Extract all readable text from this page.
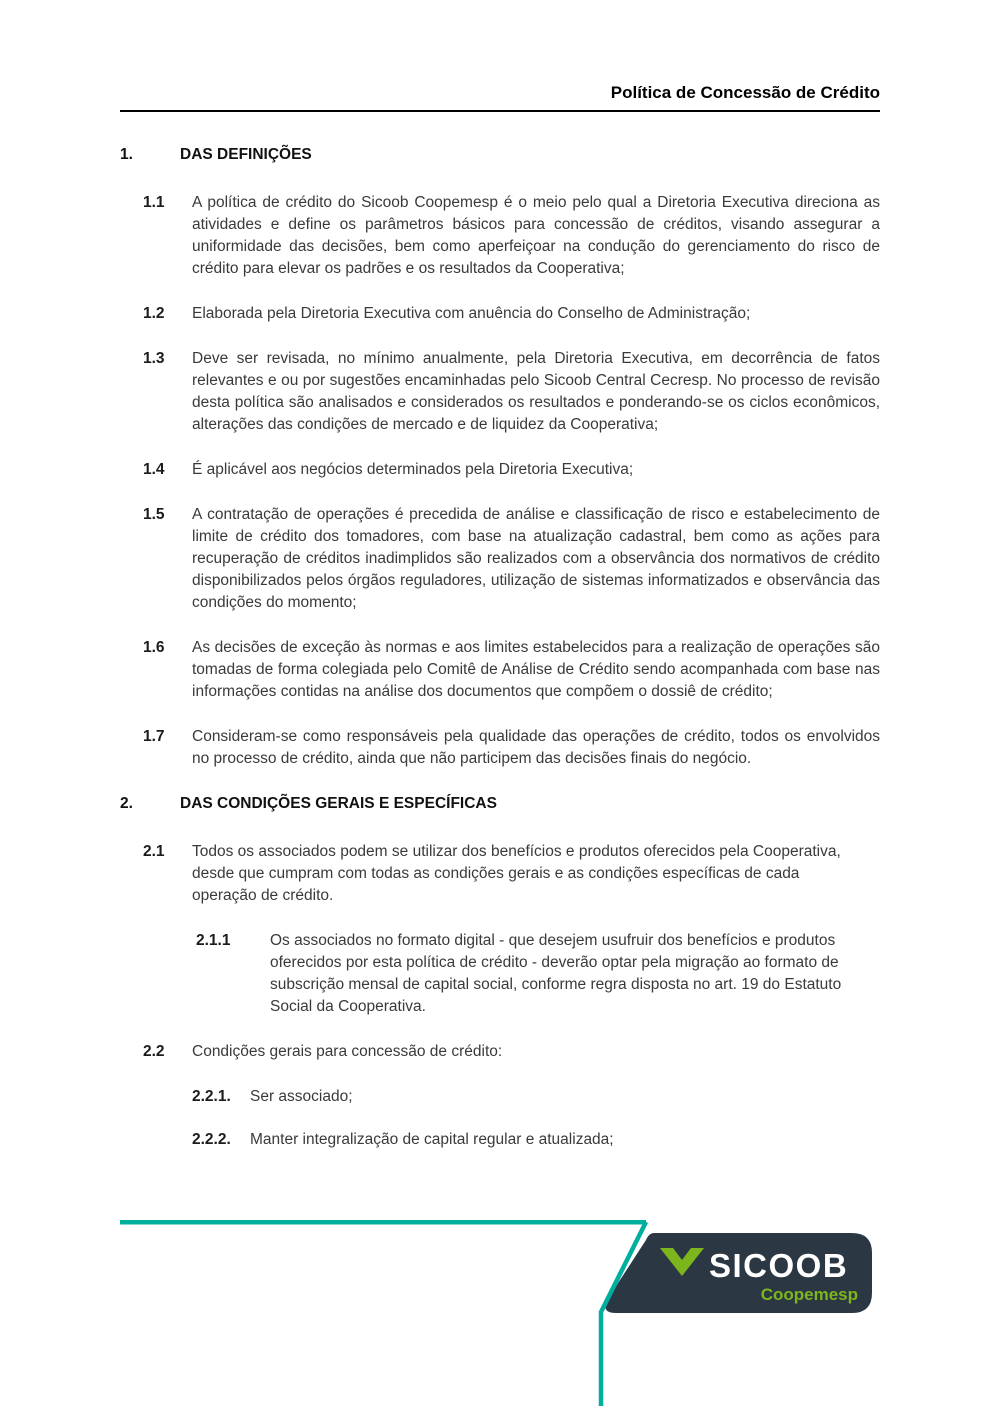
Política de Concessão de Crédito
1.	DAS DEFINIÇÕES
1.1	A política de crédito do Sicoob Coopemesp é o meio pelo qual a Diretoria Executiva direciona as atividades e define os parâmetros básicos para concessão de créditos, visando assegurar a uniformidade das decisões, bem como aperfeiçoar na condução do gerenciamento do risco de crédito para elevar os padrões e os resultados da Cooperativa;
1.2	Elaborada pela Diretoria Executiva com anuência do Conselho de Administração;
1.3	Deve ser revisada, no mínimo anualmente, pela Diretoria Executiva, em decorrência de fatos relevantes e ou por sugestões encaminhadas pelo Sicoob Central Cecresp. No processo de revisão desta política são analisados e considerados os resultados e ponderando-se os ciclos econômicos, alterações das condições de mercado e de liquidez da Cooperativa;
1.4	É aplicável aos negócios determinados pela Diretoria Executiva;
1.5	A contratação de operações é precedida de análise e classificação de risco e estabelecimento de limite de crédito dos tomadores, com base na atualização cadastral, bem como as ações para recuperação de créditos inadimplidos são realizados com a observância dos normativos de crédito disponibilizados pelos órgãos reguladores, utilização de sistemas informatizados e observância das condições do momento;
1.6	As decisões de exceção às normas e aos limites estabelecidos para a realização de operações são tomadas de forma colegiada pelo Comitê de Análise de Crédito sendo acompanhada com base nas informações contidas na análise dos documentos que compõem o dossiê de crédito;
1.7	Consideram-se como responsáveis pela qualidade das operações de crédito, todos os envolvidos no processo de crédito, ainda que não participem das decisões finais do negócio.
2.	DAS CONDIÇÕES GERAIS E ESPECÍFICAS
2.1	Todos os associados podem se utilizar dos benefícios e produtos oferecidos pela Cooperativa, desde que cumpram com todas as condições gerais e as condições específicas de cada operação de crédito.
2.1.1	Os associados no formato digital - que desejem usufruir dos benefícios e produtos oferecidos por esta política de crédito - deverão optar pela migração ao formato de subscrição mensal de capital social, conforme regra disposta no art. 19 do Estatuto Social da Cooperativa.
2.2	Condições gerais para concessão de crédito:
2.2.1.	Ser associado;
2.2.2.	Manter integralização de capital regular e atualizada;
SICOOB
Coopemesp
